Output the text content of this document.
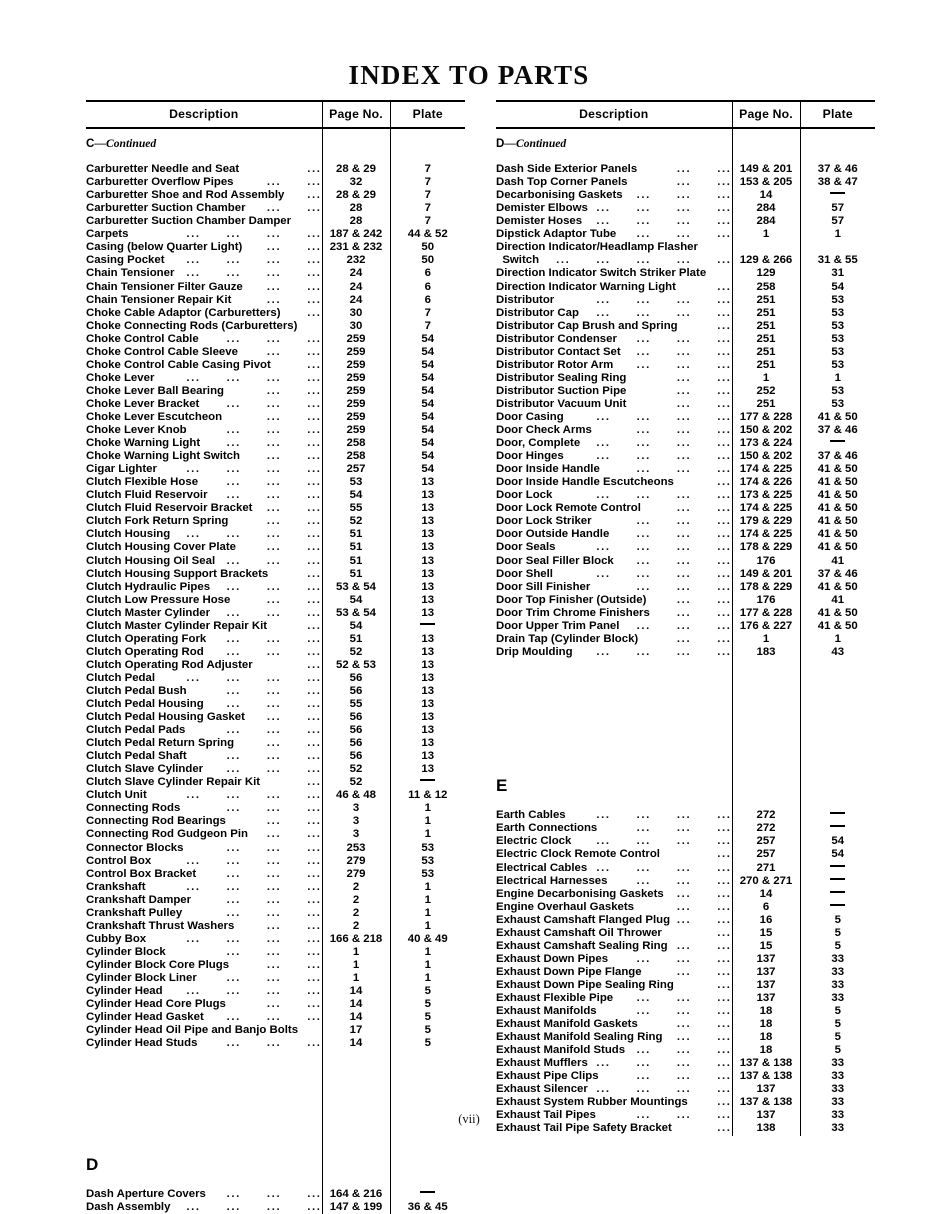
INDEX TO PARTS
Description	Page No.	Plate

C—Continued		

Carburetter Needle and Seat ...	28 & 29	7

Carburetter Overflow Pipes ...  ...	32	7

Carburetter Shoe and Rod Assembly ...	28 & 29	7

Carburetter Suction Chamber ...  ...	28	7

Carburetter Suction Chamber Damper	28	7

Carpets ...  ...  ...  ...	187 & 242	44 & 52

Casing (below Quarter Light) ...  ...	231 & 232	50

Casing Pocket ...  ...  ...  ...	232	50

Chain Tensioner ...  ...  ...  ...	24	6

Chain Tensioner Filter Gauze ...  ...	24	6

Chain Tensioner Repair Kit ...  ...	24	6

Choke Cable Adaptor (Carburetters) ...	30	7

Choke Connecting Rods (Carburetters)	30	7

Choke Control Cable ...  ...  ...	259	54

Choke Control Cable Sleeve ...  ...	259	54

Choke Control Cable Casing Pivot ...	259	54

Choke Lever ...  ...  ...  ...	259	54

Choke Lever Ball Bearing ...  ...	259	54

Choke Lever Bracket ...  ...  ...	259	54

Choke Lever Escutcheon ...  ...	259	54

Choke Lever Knob ...  ...  ...	259	54

Choke Warning Light ...  ...  ...	258	54

Choke Warning Light Switch ...  ...	258	54

Cigar Lighter ...  ...  ...  ...	257	54

Clutch Flexible Hose ...  ...  ...	53	13

Clutch Fluid Reservoir ...  ...  ...	54	13

Clutch Fluid Reservoir Bracket ...  ...	55	13

Clutch Fork Return Spring ...  ...	52	13

Clutch Housing ...  ...  ...  ...	51	13

Clutch Housing Cover Plate ...  ...	51	13

Clutch Housing Oil Seal ...  ...  ...	51	13

Clutch Housing Support Brackets ...	51	13

Clutch Hydraulic Pipes ...  ...  ...	53 & 54	13

Clutch Low Pressure Hose ...  ...	54	13

Clutch Master Cylinder ...  ...  ...	53 & 54	13

Clutch Master Cylinder Repair Kit ...	54	

Clutch Operating Fork ...  ...  ...	51	13

Clutch Operating Rod ...  ...  ...	52	13

Clutch Operating Rod Adjuster ...	52 & 53	13

Clutch Pedal ...  ...  ...  ...	56	13

Clutch Pedal Bush ...  ...  ...	56	13

Clutch Pedal Housing ...  ...  ...	55	13

Clutch Pedal Housing Gasket ...  ...	56	13

Clutch Pedal Pads ...  ...  ...	56	13

Clutch Pedal Return Spring ...  ...	56	13

Clutch Pedal Shaft ...  ...  ...	56	13

Clutch Slave Cylinder ...  ...  ...	52	13

Clutch Slave Cylinder Repair Kit ...	52	

Clutch Unit ...  ...  ...  ...	46 & 48	11 & 12

Connecting Rods ...  ...  ...	3	1

Connecting Rod Bearings ...  ...	3	1

Connecting Rod Gudgeon Pin ...  ...	3	1

Connector Blocks ...  ...  ...	253	53

Control Box ...  ...  ...  ...	279	53

Control Box Bracket ...  ...  ...	279	53

Crankshaft ...  ...  ...  ...	2	1

Crankshaft Damper ...  ...  ...	2	1

Crankshaft Pulley ...  ...  ...	2	1

Crankshaft Thrust Washers ...  ...	2	1

Cubby Box ...  ...  ...  ...	166 & 218	40 & 49

Cylinder Block ...  ...  ...	1	1

Cylinder Block Core Plugs ...  ...	1	1

Cylinder Block Liner ...  ...  ...	1	1

Cylinder Head ...  ...  ...  ...	14	5

Cylinder Head Core Plugs ...  ...	14	5

Cylinder Head Gasket ...  ...  ...	14	5

Cylinder Head Oil Pipe and Banjo Bolts	17	5

Cylinder Head Studs ...  ...  ...	14	5

D		

Dash Aperture Covers ...  ...  ...	164 & 216	

Dash Assembly ...  ...  ...  ...	147 & 199	36 & 45
Description	Page No.	Plate

D—Continued		

Dash Side Exterior Panels ...  ...	149 & 201	37 & 46

Dash Top Corner Panels ...  ...	153 & 205	38 & 47

Decarbonising Gaskets ...  ...  ...	14	

Demister Elbows ...  ...  ...  ...	284	57

Demister Hoses ...  ...  ...  ...	284	57

Dipstick Adaptor Tube ...  ...  ...	1	1

Direction Indicator/Headlamp Flasher		

Switch ...  ...  ...  ...  ...	129 & 266	31 & 55

Direction Indicator Switch Striker Plate	129	31

Direction Indicator Warning Light ...	258	54

Distributor ...  ...  ...  ...	251	53

Distributor Cap ...  ...  ...  ...	251	53

Distributor Cap Brush and Spring ...	251	53

Distributor Condenser ...  ...  ...	251	53

Distributor Contact Set ...  ...  ...	251	53

Distributor Rotor Arm ...  ...  ...	251	53

Distributor Sealing Ring ...  ...	1	1

Distributor Suction Pipe ...  ...	252	53

Distributor Vacuum Unit ...  ...	251	53

Door Casing ...  ...  ...  ...	177 & 228	41 & 50

Door Check Arms ...  ...  ...	150 & 202	37 & 46

Door, Complete ...  ...  ...  ...	173 & 224	

Door Hinges ...  ...  ...  ...	150 & 202	37 & 46

Door Inside Handle ...  ...  ...	174 & 225	41 & 50

Door Inside Handle Escutcheons ...	174 & 226	41 & 50

Door Lock ...  ...  ...  ...	173 & 225	41 & 50

Door Lock Remote Control ...  ...	174 & 225	41 & 50

Door Lock Striker ...  ...  ...	179 & 229	41 & 50

Door Outside Handle ...  ...  ...	174 & 225	41 & 50

Door Seals ...  ...  ...  ...	178 & 229	41 & 50

Door Seal Filler Block ...  ...  ...	176	41

Door Shell ...  ...  ...  ...	149 & 201	37 & 46

Door Sill Finisher ...  ...  ...	178 & 229	41 & 50

Door Top Finisher (Outside) ...  ...	176	41

Door Trim Chrome Finishers ...  ...	177 & 228	41 & 50

Door Upper Trim Panel ...  ...  ...	176 & 227	41 & 50

Drain Tap (Cylinder Block) ...  ...	1	1

Drip Moulding ...  ...  ...  ...	183	43

E		

Earth Cables ...  ...  ...  ...	272	

Earth Connections ...  ...  ...	272	

Electric Clock ...  ...  ...  ...	257	54

Electric Clock Remote Control ...	257	54

Electrical Cables ...  ...  ...  ...	271	

Electrical Harnesses ...  ...  ...	270 & 271	

Engine Decarbonising Gaskets ...  ...	14	

Engine Overhaul Gaskets ...  ...	6	

Exhaust Camshaft Flanged Plug ...  ...	16	5

Exhaust Camshaft Oil Thrower ...	15	5

Exhaust Camshaft Sealing Ring ...  ...	15	5

Exhaust Down Pipes ...  ...  ...	137	33

Exhaust Down Pipe Flange ...  ...	137	33

Exhaust Down Pipe Sealing Ring ...	137	33

Exhaust Flexible Pipe ...  ...  ...	137	33

Exhaust Manifolds ...  ...  ...	18	5

Exhaust Manifold Gaskets ...  ...	18	5

Exhaust Manifold Sealing Ring ...  ...	18	5

Exhaust Manifold Studs ...  ...  ...	18	5

Exhaust Mufflers ...  ...  ...  ...	137 & 138	33

Exhaust Pipe Clips ...  ...  ...	137 & 138	33

Exhaust Silencer ...  ...  ...  ...	137	33

Exhaust System Rubber Mountings ...	137 & 138	33

Exhaust Tail Pipes ...  ...  ...	137	33

Exhaust Tail Pipe Safety Bracket ...	138	33
(vii)
